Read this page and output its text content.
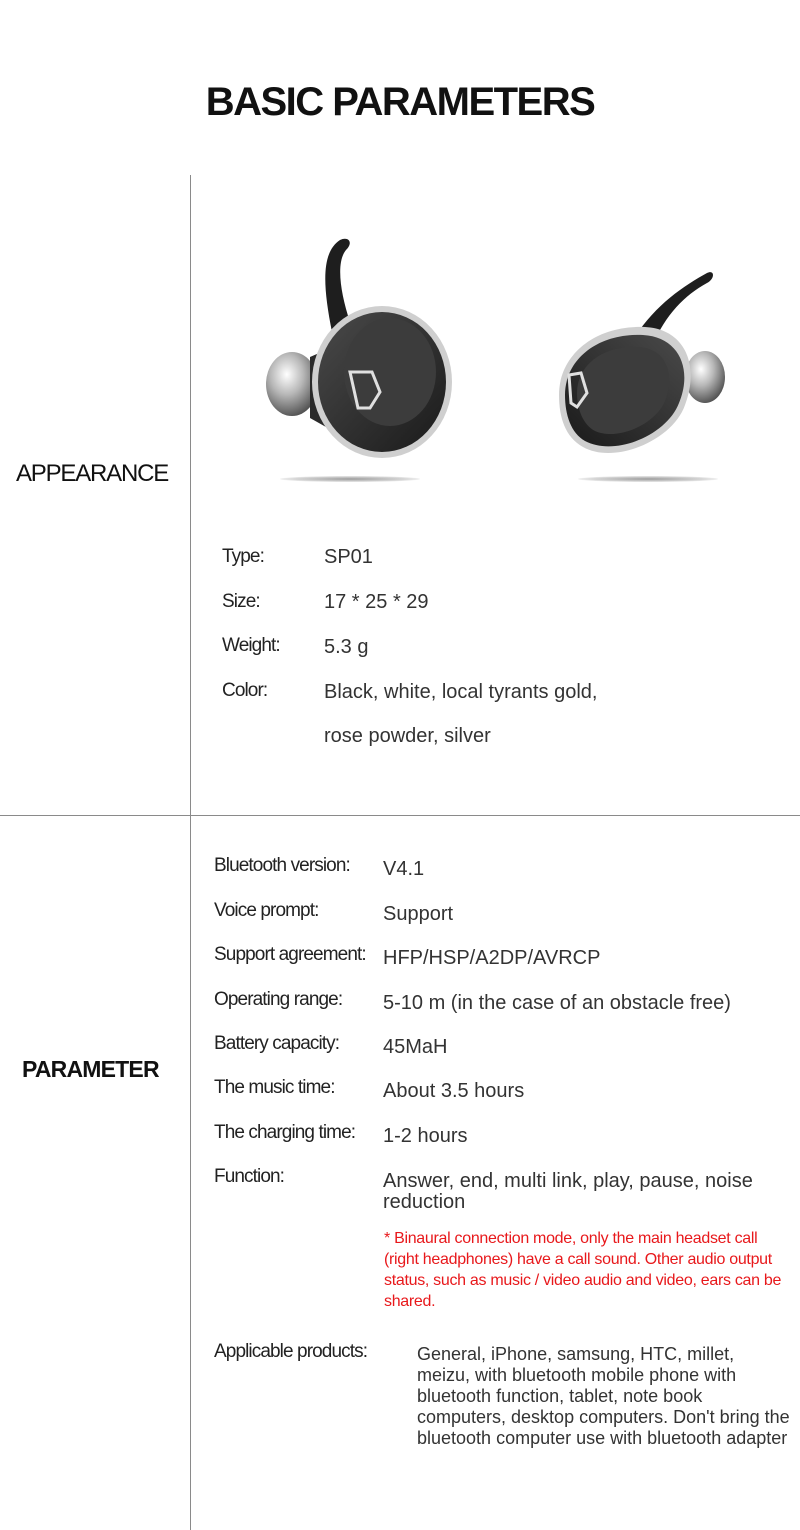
BASIC PARAMETERS
APPEARANCE
PARAMETER
Type:	SP01
Size:	17 * 25 * 29
Weight: 5.3 g
Color:	Black, white, local tyrants gold,
rose powder, silver
Bluetooth version: V4.1
Voice prompt:	Support
Support agreement: HFP/HSP/A2DP/AVRCP
Operating range: 5-10 m (in the case of an obstacle free)
Battery capacity: 45MaH
The music time: About 3.5 hours
The charging time: 1-2 hours
Function:	Answer, end, multi link, play, pause, noise reduction
* Binaural connection mode, only the main headset call (right headphones) have a call sound. Other audio output status, such as music / video audio and video, ears can be shared.
Applicable products:	General, iPhone, samsung, HTC, millet, meizu, with bluetooth mobile phone with bluetooth function, tablet, note book computers, desktop computers. Don't bring the bluetooth computer use with bluetooth adapter
